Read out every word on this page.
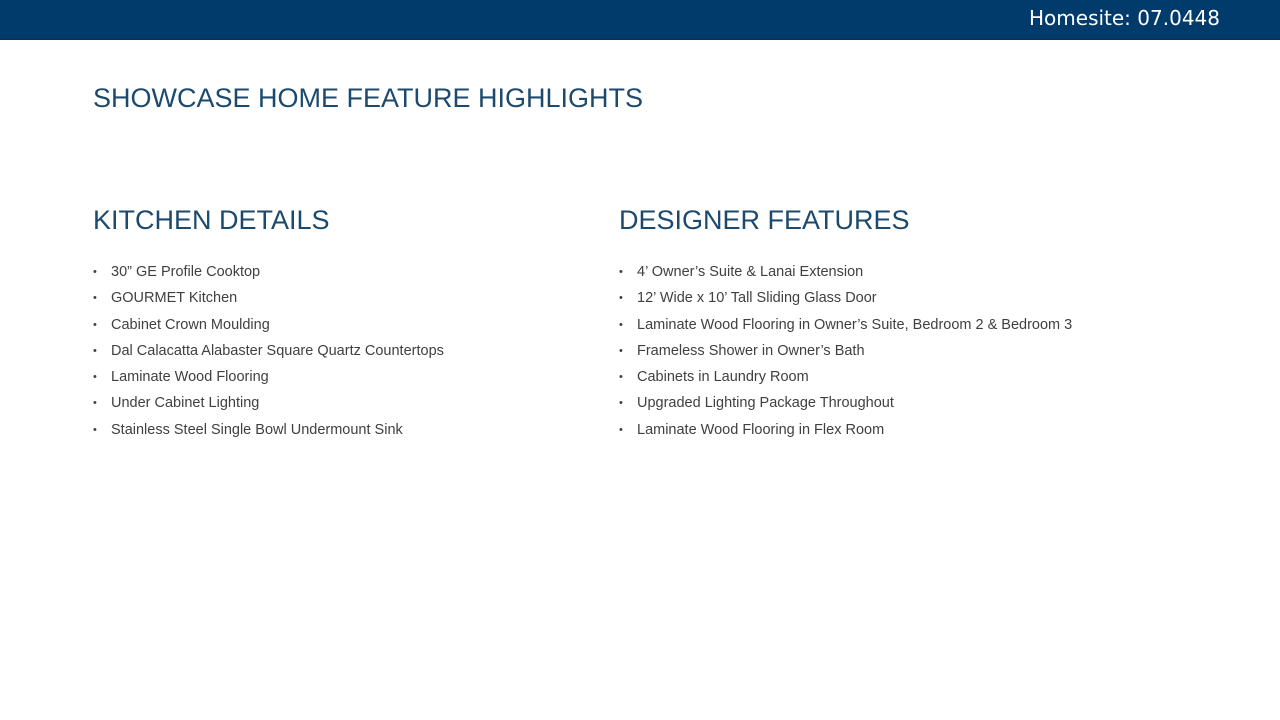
Homesite: 07.0448
SHOWCASE HOME FEATURE HIGHLIGHTS
KITCHEN DETAILS
• 30” GE Profile Cooktop
• GOURMET Kitchen
• Cabinet Crown Moulding
• Dal Calacatta Alabaster Square Quartz Countertops
• Laminate Wood Flooring
• Under Cabinet Lighting
• Stainless Steel Single Bowl Undermount Sink
DESIGNER FEATURES
• 4’ Owner’s Suite & Lanai Extension
• 12’ Wide x 10’ Tall Sliding Glass Door
• Laminate Wood Flooring in Owner’s Suite, Bedroom 2 & Bedroom 3
• Frameless Shower in Owner’s Bath
• Cabinets in Laundry Room
• Upgraded Lighting Package Throughout
• Laminate Wood Flooring in Flex Room
